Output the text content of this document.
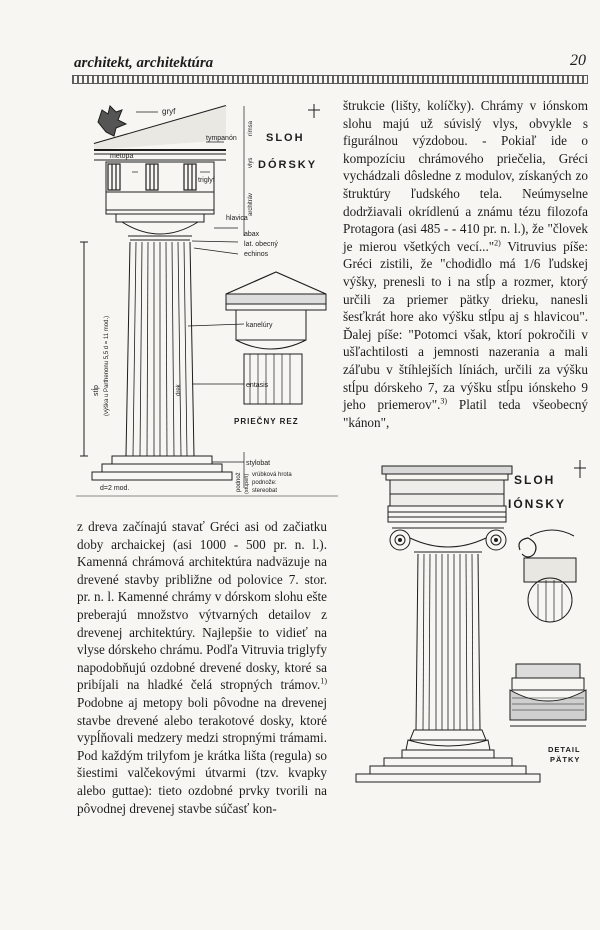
architekt, architektúra	20
gryf
tympanón
metopa
triglyf
hlavica
abax
lat. obecný
echinos
kanelúry
entasis
stylobat
d=2 mod.
vrúbková hrota
podnože:
stereobat
SLOH
DÓRSKY
PRIEČNY REZ
stĺp (výška u Parthenonu 5,5 d = 11 mod.)
architráv
vlys
rímsa
podnož (stupeň)
drek

z dreva začínajú stavať Gréci asi od začiatku doby archaickej (asi 1000 - 500 pr. n. l.). Kamenná chrámová architektúra nadväzuje na drevené stavby približne od polovice 7. stor. pr. n. l. Kamenné chrámy v dórskom slohu ešte preberajú množstvo výtvarných detailov z drevenej architektúry. Najlepšie to vidieť na vlyse dórskeho chrámu. Podľa Vitruvia triglyfy napodobňujú ozdobné drevené dosky, ktoré sa pribíjali na hladké čelá stropných trámov.$^{1)}$ Podobne aj metopy boli pôvodne na drevenej stavbe drevené alebo terakotové dosky, ktoré vypĺňovali medzery medzi stropnými trámami. Pod každým trilyfom je krátka lišta (regula) so šiestimi valčekovými útvarmi (tzv. kvapky alebo guttae): tieto ozdobné prvky tvorili na pôvodnej drevenej stavbe súčasť kon-

štrukcie (lišty, kolíčky). Chrámy v iónskom slohu majú už súvislý vlys, obvykle s figurálnou výzdobou. - Pokiaľ ide o kompozíciu chrámového priečelia, Gréci vychádzali dôsledne z modulov, získaných zo štruktúry ľudského tela. Neúmyselne dodržiavali okrídlenú a známu tézu filozofa Protagora (asi 485 - - 410 pr. n. l.), že "človek je mierou všetkých vecí..."$^{2)}$ Vitruvius píše: Gréci zistili, že "chodidlo má 1/6 ľudskej výšky, prenesli to i na stĺp a rozmer, ktorý určili za priemer pätky drieku, nanesli šesťkrát hore ako výšku stĺpu aj s hlavicou". Ďalej píše: "Potomci však, ktorí pokročili v ušľachtilosti a jemnosti nazerania a mali záľubu v štíhlejších líniách, určili za výšku stĺpu dórskeho 7, za výšku stĺpu iónskeho 9 jeho priemerov".$^{3)}$ Platil teda všeobecný "kánon",

SLOH
IÓNSKY
DETAIL
PÄTKY
